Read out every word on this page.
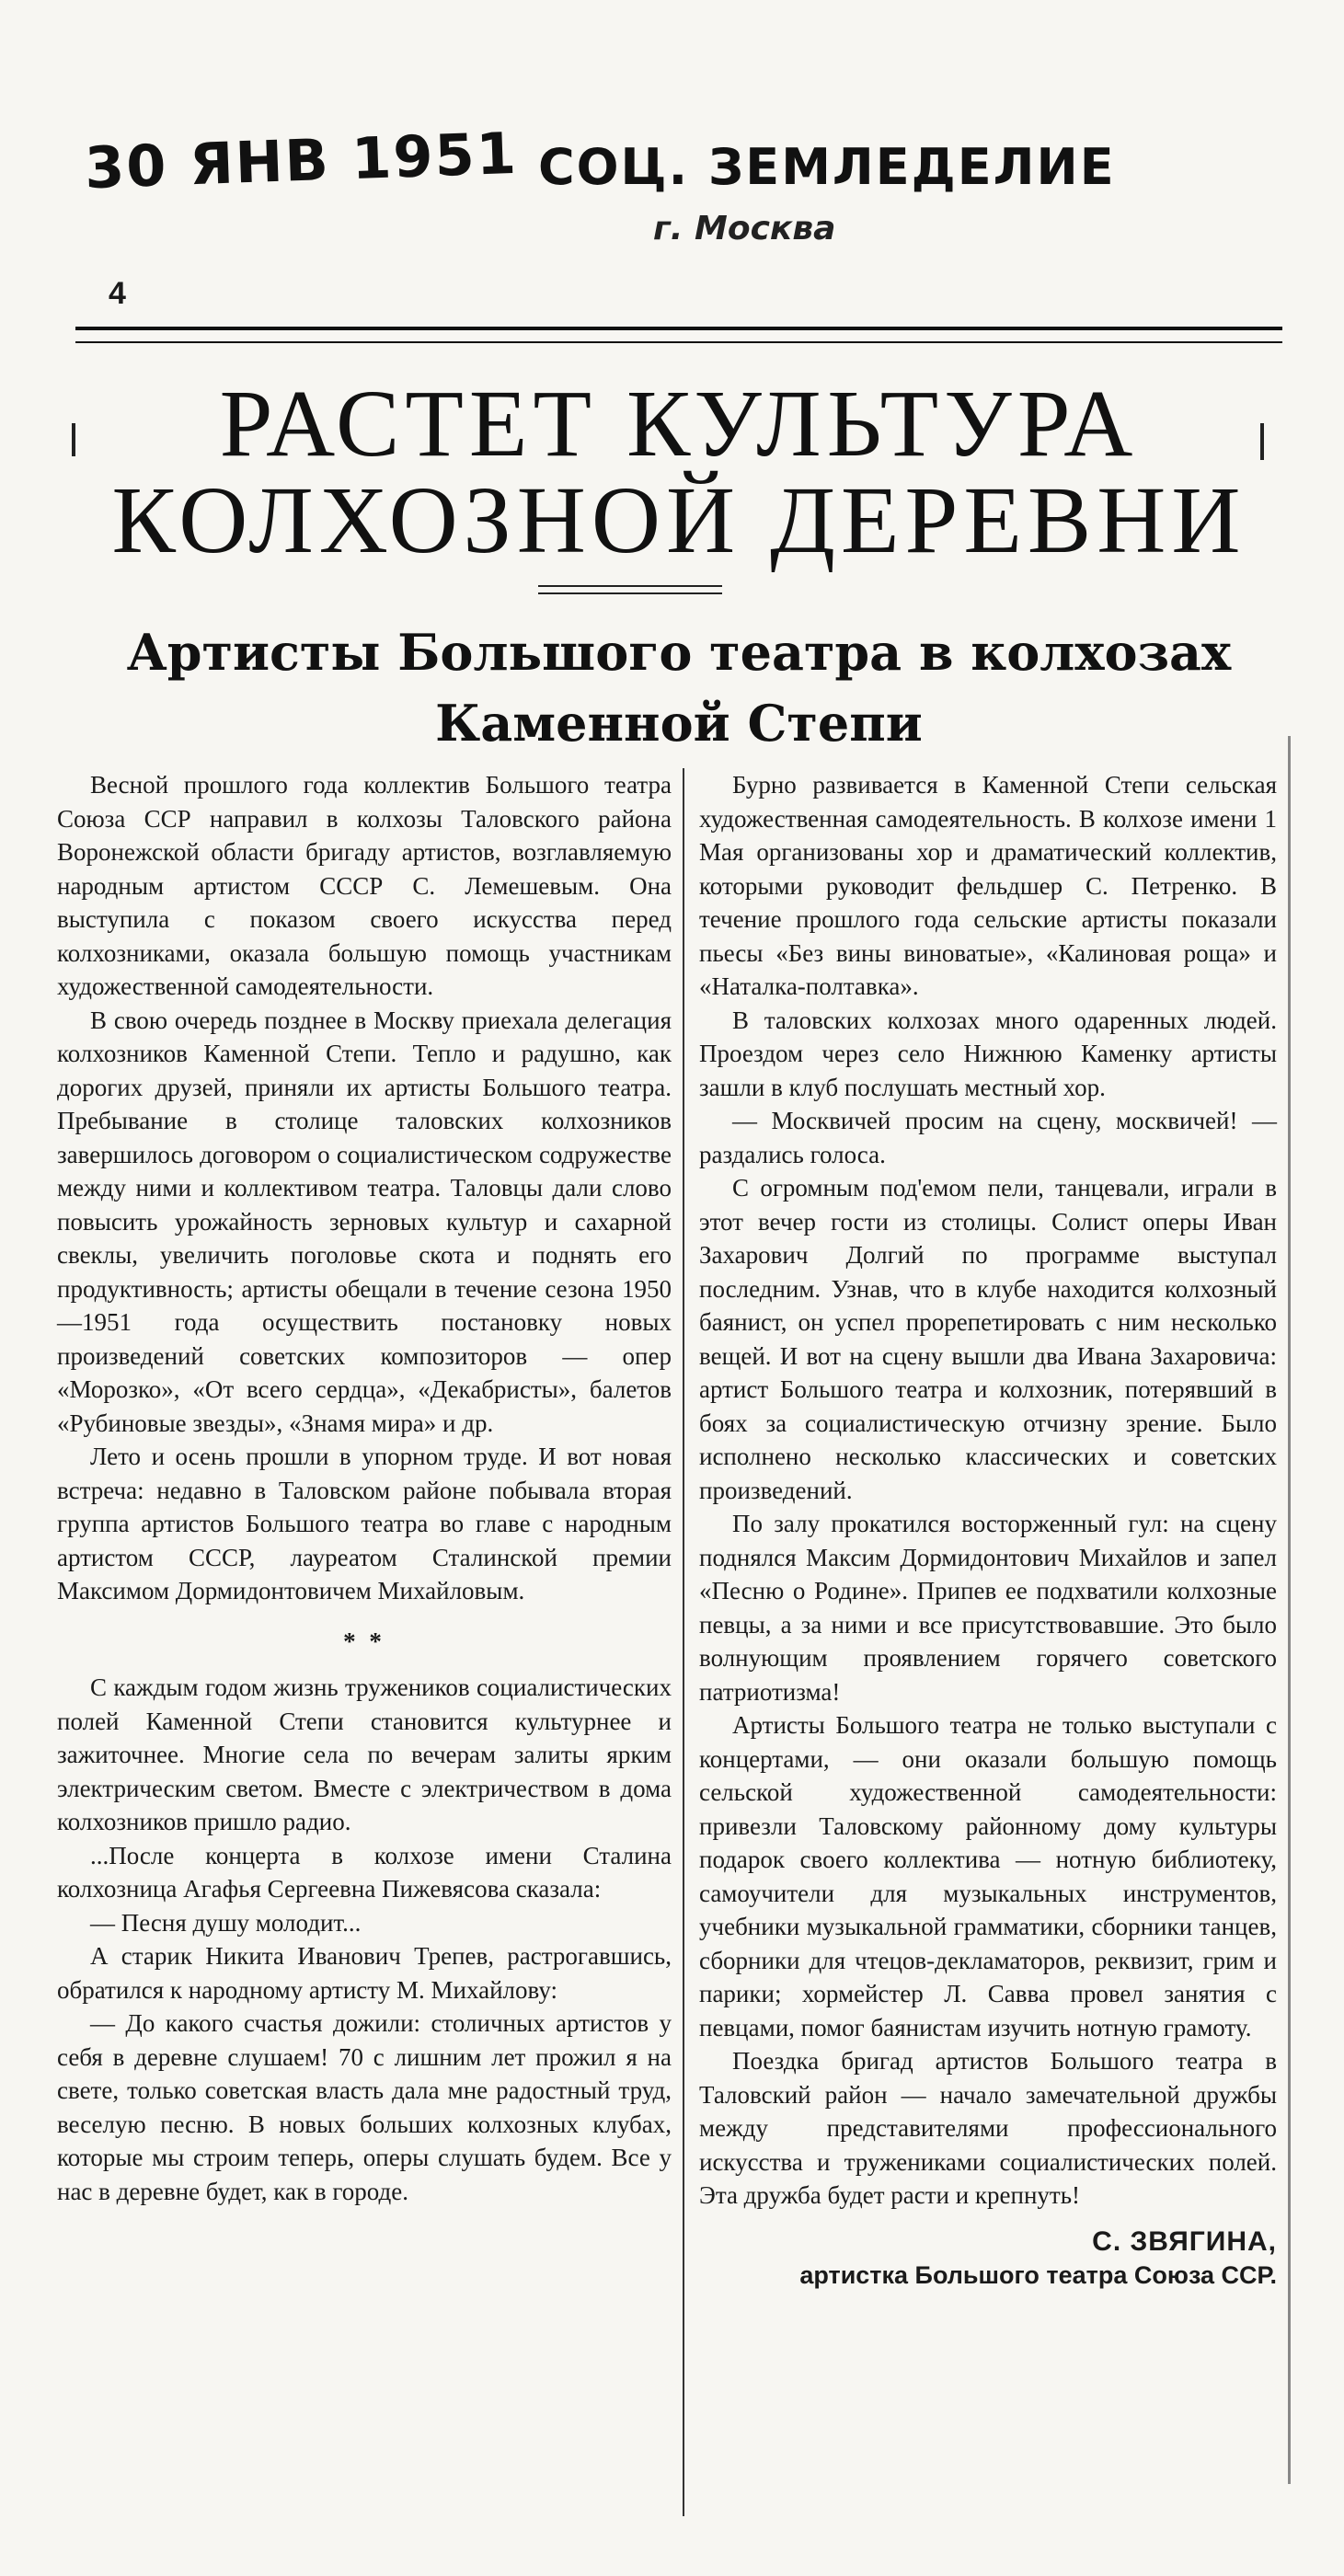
30 ЯНВ 1951 СОЦ. ЗЕМЛЕДЕЛИЕ
г. Москва
4
РАСТЕТ КУЛЬТУРА
КОЛХОЗНОЙ ДЕРЕВНИ
Артисты Большого театра в колхозах
Каменной Степи

Весной прошлого года коллектив Большого театра Союза ССР направил в колхозы Таловского района Воронежской области бригаду артистов, возглавляемую народным артистом СССР С. Лемешевым. Она выступила с показом своего искусства перед колхозниками, оказала большую помощь участникам художественной самодеятельности.

В свою очередь позднее в Москву приехала делегация колхозников Каменной Степи. Тепло и радушно, как дорогих друзей, приняли их артисты Большого театра. Пребывание в столице таловских колхозников завершилось договором о социалистическом содружестве между ними и коллективом театра. Таловцы дали слово повысить урожайность зерновых культур и сахарной свеклы, увеличить поголовье скота и поднять его продуктивность; артисты обещали в течение сезона 1950—1951 года осуществить постановку новых произведений советских композиторов — опер «Морозко», «От всего сердца», «Декабристы», балетов «Рубиновые звезды», «Знамя мира» и др.

Лето и осень прошли в упорном труде. И вот новая встреча: недавно в Таловском районе побывала вторая группа артистов Большого театра во главе с народным артистом СССР, лауреатом Сталинской премии Максимом Дормидонтовичем Михайловым.

* *

С каждым годом жизнь тружеников социалистических полей Каменной Степи становится культурнее и зажиточнее. Многие села по вечерам залиты ярким электрическим светом. Вместе с электричеством в дома колхозников пришло радио.

...После концерта в колхозе имени Сталина колхозница Агафья Сергеевна Пижевясова сказала:

— Песня душу молодит...

А старик Никита Иванович Трепев, растрогавшись, обратился к народному артисту М. Михайлову:

— До какого счастья дожили: столичных артистов у себя в деревне слушаем! 70 с лишним лет прожил я на свете, только советская власть дала мне радостный труд, веселую песню. В новых больших колхозных клубах, которые мы строим теперь, оперы слушать будем. Все у нас в деревне будет, как в городе.

Бурно развивается в Каменной Степи сельская художественная самодеятельность. В колхозе имени 1 Мая организованы хор и драматический коллектив, которыми руководит фельдшер С. Петренко. В течение прошлого года сельские артисты показали пьесы «Без вины виноватые», «Калиновая роща» и «Наталка-полтавка».

В таловских колхозах много одаренных людей. Проездом через село Нижнюю Каменку артисты зашли в клуб послушать местный хор.

— Москвичей просим на сцену, москвичей! — раздались голоса.

С огромным под'емом пели, танцевали, играли в этот вечер гости из столицы. Солист оперы Иван Захарович Долгий по программе выступал последним. Узнав, что в клубе находится колхозный баянист, он успел прорепетировать с ним несколько вещей. И вот на сцену вышли два Ивана Захаровича: артист Большого театра и колхозник, потерявший в боях за социалистическую отчизну зрение. Было исполнено несколько классических и советских произведений.

По залу прокатился восторженный гул: на сцену поднялся Максим Дормидонтович Михайлов и запел «Песню о Родине». Припев ее подхватили колхозные певцы, а за ними и все присутствовавшие. Это было волнующим проявлением горячего советского патриотизма!

Артисты Большого театра не только выступали с концертами, — они оказали большую помощь сельской художественной самодеятельности: привезли Таловскому районному дому культуры подарок своего коллектива — нотную библиотеку, самоучители для музыкальных инструментов, учебники музыкальной грамматики, сборники танцев, сборники для чтецов-декламаторов, реквизит, грим и парики; хормейстер Л. Савва провел занятия с певцами, помог баянистам изучить нотную грамоту.

Поездка бригад артистов Большого театра в Таловский район — начало замечательной дружбы между представителями профессионального искусства и тружениками социалистических полей. Эта дружба будет расти и крепнуть!

С. ЗВЯГИНА,

артистка Большого театра Союза ССР.
